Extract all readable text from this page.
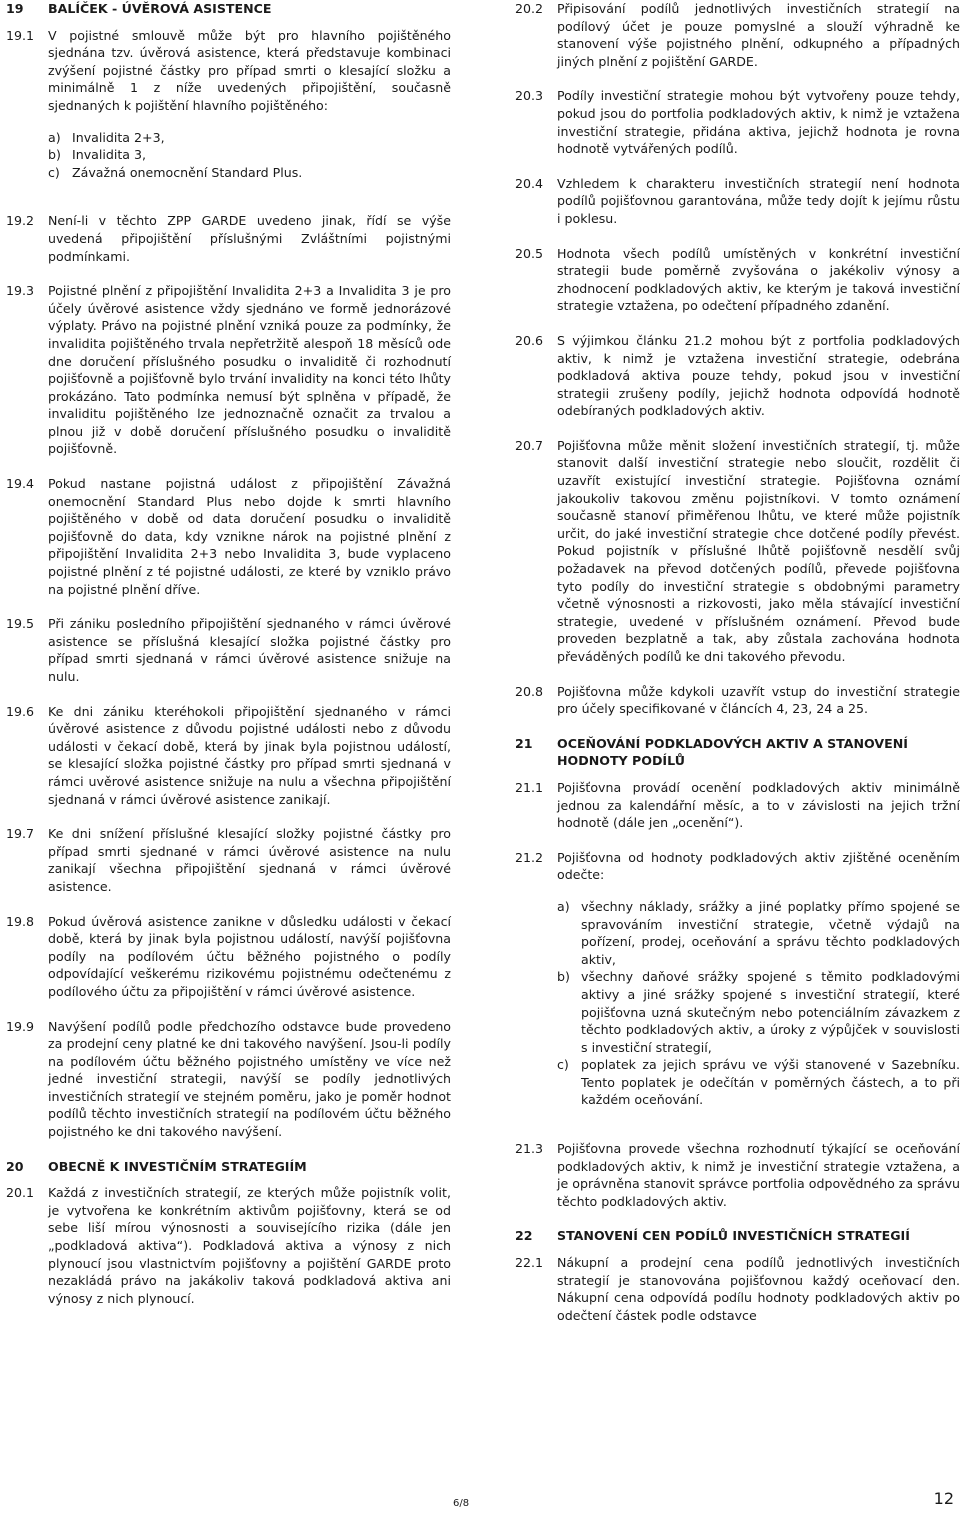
19	BALÍČEK - ÚVĚROVÁ ASISTENCE
19.1	V pojistné smlouvě může být pro hlavního pojištěného sjednána tzv. úvěrová asistence, která představuje kombinaci zvýšení pojistné částky pro případ smrti o klesající složku a minimálně 1 z níže uvedených připojištění, současně sjednaných k pojištění hlavního pojištěného:
a) Invalidita 2+3,
b) Invalidita 3,
c) Závažná onemocnění Standard Plus.
19.2	Není-li v těchto ZPP GARDE uvedeno jinak, řídí se výše uvedená připojištění příslušnými Zvláštními pojistnými podmínkami.
19.3	Pojistné plnění z připojištění Invalidita 2+3 a Invalidita 3 je pro účely úvěrové asistence vždy sjednáno ve formě jednorázové výplaty. Právo na pojistné plnění vzniká pouze za podmínky, že invalidita pojištěného trvala nepřetržitě alespoň 18 měsíců ode dne doručení příslušného posudku o invaliditě či rozhodnutí pojišťovně a pojišťovně bylo trvání invalidity na konci této lhůty prokázáno. Tato podmínka nemusí být splněna v případě, že invaliditu pojištěného lze jednoznačně označit za trvalou a plnou již v době doručení příslušného posudku o invaliditě pojišťovně.
19.4	Pokud nastane pojistná událost z připojištění Závažná onemocnění Standard Plus nebo dojde k smrti hlavního pojištěného v době od data doručení posudku o invaliditě pojišťovně do data, kdy vznikne nárok na pojistné plnění z připojištění Invalidita 2+3 nebo Invalidita 3, bude vyplaceno pojistné plnění z té pojistné události, ze které by vzniklo právo na pojistné plnění dříve.
19.5	Při zániku posledního připojištění sjednaného v rámci úvěrové asistence se příslušná klesající složka pojistné částky pro případ smrti sjednaná v rámci úvěrové asistence snižuje na nulu.
19.6	Ke dni zániku kteréhokoli připojištění sjednaného v rámci úvěrové asistence z důvodu pojistné události nebo z důvodu události v čekací době, která by jinak byla pojistnou událostí, se klesající složka pojistné částky pro případ smrti sjednaná v rámci uvěrové asistence snižuje na nulu a všechna připojištění sjednaná v rámci úvěrové asistence zanikají.
19.7	Ke dni snížení příslušné klesající složky pojistné částky pro případ smrti sjednané v rámci úvěrové asistence na nulu zanikají všechna připojištění sjednaná v rámci úvěrové asistence.
19.8	Pokud úvěrová asistence zanikne v důsledku události v čekací době, která by jinak byla pojistnou událostí, navýší pojišťovna podíly na podílovém účtu běžného pojistného o podíly odpovídající veškerému rizikovému pojistnému odečtenému z podílového účtu za připojištění v rámci úvěrové asistence.
19.9	Navýšení podílů podle předchozího odstavce bude provedeno za prodejní ceny platné ke dni takového navýšení. Jsou-li podíly na podílovém účtu běžného pojistného umístěny ve více než jedné investiční strategii, navýší se podíly jednotlivých investičních strategií ve stejném poměru, jako je poměr hodnot podílů těchto investičních strategií na podílovém účtu běžného pojistného ke dni takového navýšení.
20	OBECNĚ K INVESTIČNÍM STRATEGIÍM
20.1	Každá z investičních strategií, ze kterých může pojistník volit, je vytvořena ke konkrétním aktivům pojišťovny, která se od sebe liší mírou výnosnosti a souvisejícího rizika (dále jen „podkladová aktiva“). Podkladová aktiva a výnosy z nich plynoucí jsou vlastnictvím pojišťovny a pojištění GARDE proto nezakládá právo na jakákoliv taková podkladová aktiva ani výnosy z nich plynoucí.
20.2	Připisování podílů jednotlivých investičních strategií na podílový účet je pouze pomyslné a slouží výhradně ke stanovení výše pojistného plnění, odkupného a případných jiných plnění z pojištění GARDE.
20.3	Podíly investiční strategie mohou být vytvořeny pouze tehdy, pokud jsou do portfolia podkladových aktiv, k nimž je vztažena investiční strategie, přidána aktiva, jejichž hodnota je rovna hodnotě vytvářených podílů.
20.4	Vzhledem k charakteru investičních strategií není hodnota podílů pojišťovnou garantována, může tedy dojít k jejímu růstu i poklesu.
20.5	Hodnota všech podílů umístěných v konkrétní investiční strategii bude poměrně zvyšována o jakékoliv výnosy a zhodnocení podkladových aktiv, ke kterým je taková investiční strategie vztažena, po odečtení případného zdanění.
20.6	S výjimkou článku 21.2 mohou být z portfolia podkladových aktiv, k nimž je vztažena investiční strategie, odebrána podkladová aktiva pouze tehdy, pokud jsou v investiční strategii zrušeny podíly, jejichž hodnota odpovídá hodnotě odebíraných podkladových aktiv.
20.7	Pojišťovna může měnit složení investičních strategií, tj. může stanovit další investiční strategie nebo sloučit, rozdělit či uzavřít existující investiční strategie. Pojišťovna oznámí jakoukoliv takovou změnu pojistníkovi. V tomto oznámení současně stanoví přiměřenou lhůtu, ve které může pojistník určit, do jaké investiční strategie chce dotčené podíly převést. Pokud pojistník v příslušné lhůtě pojišťovně nesdělí svůj požadavek na převod dotčených podílů, převede pojišťovna tyto podíly do investiční strategie s obdobnými parametry včetně výnosnosti a rizkovosti, jako měla stávající investiční strategie, uvedené v příslušném oznámení. Převod bude proveden bezplatně a tak, aby zůstala zachována hodnota převáděných podílů ke dni takového převodu.
20.8	Pojišťovna může kdykoli uzavřít vstup do investiční strategie pro účely specifikované v článcích 4, 23, 24 a 25.
21	OCEŇOVÁNÍ PODKLADOVÝCH AKTIV A STANOVENÍ HODNOTY PODÍLŮ
21.1	Pojišťovna provádí ocenění podkladových aktiv minimálně jednou za kalendářní měsíc, a to v závislosti na jejich tržní hodnotě (dále jen „ocenění“).
21.2	Pojišťovna od hodnoty podkladových aktiv zjištěné oceněním odečte:
a) všechny náklady, srážky a jiné poplatky přímo spojené se spravováním investiční strategie, včetně výdajů na pořízení, prodej, oceňování a správu těchto podkladových aktiv,
b) všechny daňové srážky spojené s těmito podkladovými aktivy a jiné srážky spojené s investiční strategií, které pojišťovna uzná skutečným nebo potenciálním závazkem z těchto podkladových aktiv, a úroky z výpůjček v souvislosti s investiční strategií,
c) poplatek za jejich správu ve výši stanovené v Sazebníku. Tento poplatek je odečítán v poměrných částech, a to při každém oceňování.
21.3	Pojišťovna provede všechna rozhodnutí týkající se oceňování podkladových aktiv, k nimž je investiční strategie vztažena, a je oprávněna stanovit správce portfolia odpovědného za správu těchto podkladových aktiv.
22	STANOVENÍ CEN PODÍLŮ INVESTIČNÍCH STRATEGIÍ
22.1	Nákupní a prodejní cena podílů jednotlivých investičních strategií je stanovována pojišťovnou každý oceňovací den. Nákupní cena odpovídá podílu hodnoty podkladových aktiv po odečtení částek podle odstavce
6/8	12
